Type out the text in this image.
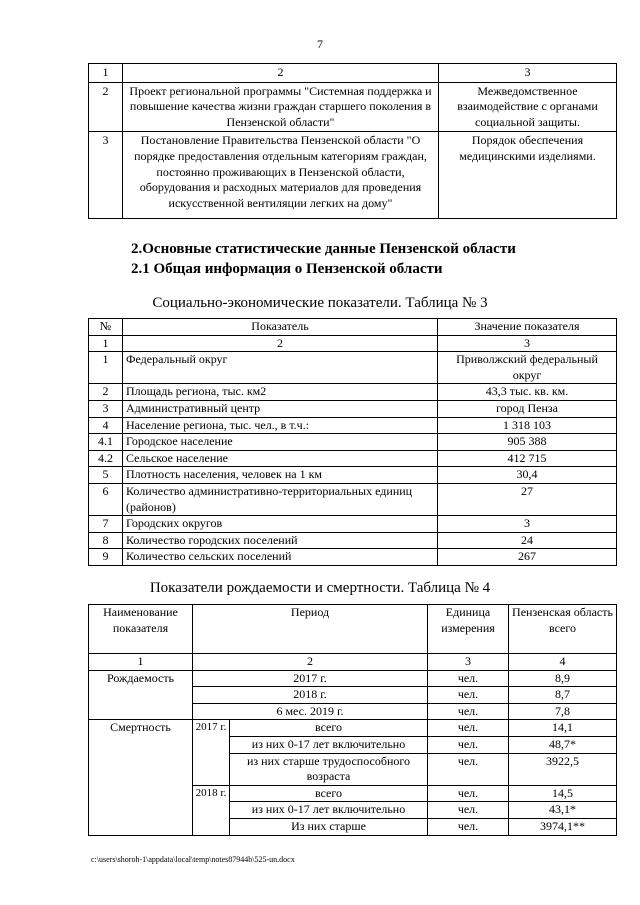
7
1	2	3
2	Проект региональной программы "Системная поддержка и повышение качества жизни граждан старшего поколения в Пензенской области"	Межведомственное взаимодействие с органами социальной защиты.
3	Постановление Правительства Пензенской области "О порядке предоставления отдельным категориям граждан, постоянно проживающих в Пензенской области, оборудования и расходных материалов для проведения искусственной вентиляции легких на дому"	Порядок обеспечения медицинскими изделиями.
2.Основные статистические данные Пензенской области
2.1 Общая информация о Пензенской области
Социально-экономические показатели. Таблица № 3
№	Показатель	Значение показателя
1	2	3
1	Федеральный округ	Приволжский федеральный округ
2	Площадь региона, тыс. км2	43,3 тыс. кв. км.
3	Административный центр	город Пенза
4	Население региона, тыс. чел., в т.ч.:	1 318 103
4.1	Городское население	905 388
4.2	Сельское население	412 715
5	Плотность населения, человек на 1 км	30,4
6	Количество административно-территориальных единиц (районов)	27
7	Городских округов	3
8	Количество городских поселений	24
9	Количество сельских поселений	267
Показатели рождаемости и смертности. Таблица № 4
Наименование показателя	Период		Единица измерения	Пензенская область всего
1	2		3	4
Рождаемость	2017 г.		чел.	8,9
	2018 г.		чел.	8,7
	6 мес. 2019 г.		чел.	7,8
Смертность	2017 г.	всего	чел.	14,1
		из них 0-17 лет включительно	чел.	48,7*
		из них старше трудоспособного возраста	чел.	3922,5
	2018 г.	всего	чел.	14,5
		из них 0-17 лет включительно	чел.	43,1*
		Из них старше	чел.	3974,1**
c:\users\shoroh-1\appdata\local\temp\notes87944b\525-un.docx
